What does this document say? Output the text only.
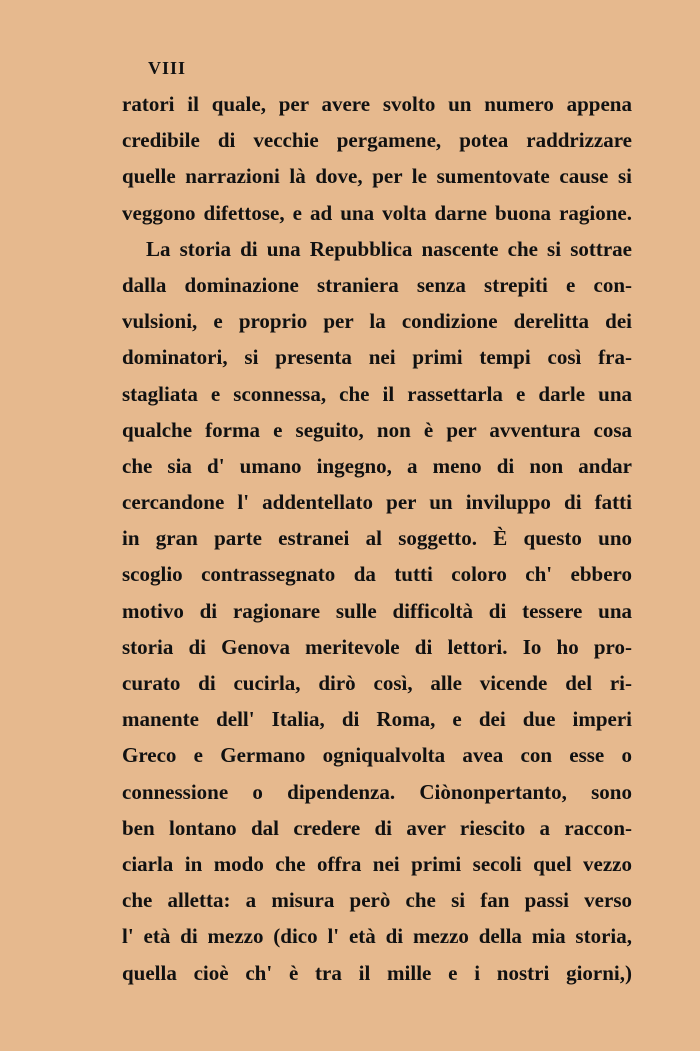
VIII
ratori il quale, per avere svolto un numero appena
credibile di vecchie pergamene, potea raddrizzare
quelle narrazioni là dove, per le sumentovate cause si
veggono difettose, e ad una volta darne buona ragione.
La storia di una Repubblica nascente che si sottrae
dalla dominazione straniera senza strepiti e con-
vulsioni, e proprio per la condizione derelitta dei
dominatori, si presenta nei primi tempi così fra-
stagliata e sconnessa, che il rassettarla e darle una
qualche forma e seguito, non è per avventura cosa
che sia d' umano ingegno, a meno di non andar
cercandone l' addentellato per un inviluppo di fatti
in gran parte estranei al soggetto. È questo uno
scoglio contrassegnato da tutti coloro ch' ebbero
motivo di ragionare sulle difficoltà di tessere una
storia di Genova meritevole di lettori. Io ho pro-
curato di cucirla, dirò così, alle vicende del ri-
manente dell' Italia, di Roma, e dei due imperi
Greco e Germano ogniqualvolta avea con esse o
connessione o dipendenza. Ciònonpertanto, sono
ben lontano dal credere di aver riescito a raccon-
ciarla in modo che offra nei primi secoli quel vezzo
che alletta: a misura però che si fan passi verso
l' età di mezzo (dico l' età di mezzo della mia storia,
quella cioè ch' è tra il mille e i nostri giorni,)
